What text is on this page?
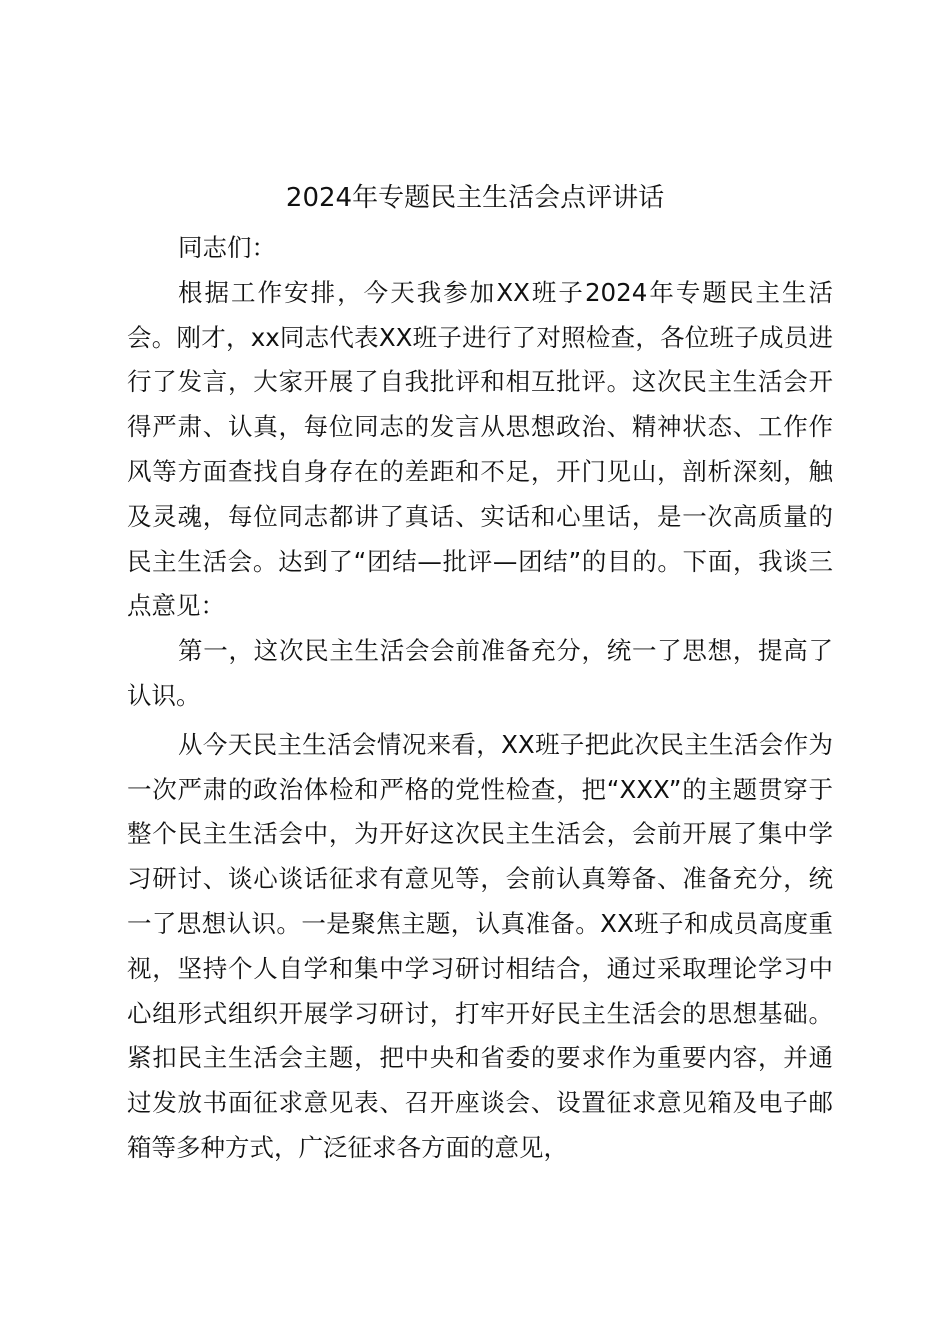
2024年专题民主生活会点评讲话

同志们：

根据工作安排，今天我参加XX班子2024年专题民主生活会。刚才，xx同志代表XX班子进行了对照检查，各位班子成员进行了发言，大家开展了自我批评和相互批评。这次民主生活会开得严肃、认真，每位同志的发言从思想政治、精神状态、工作作风等方面查找自身存在的差距和不足，开门见山，剖析深刻，触及灵魂，每位同志都讲了真话、实话和心里话，是一次高质量的民主生活会。达到了“团结—批评—团结”的目的。下面，我谈三点意见：

第一，这次民主生活会会前准备充分，统一了思想，提高了认识。

从今天民主生活会情况来看，XX班子把此次民主生活会作为一次严肃的政治体检和严格的党性检查，把“XXX”的主题贯穿于整个民主生活会中，为开好这次民主生活会，会前开展了集中学习研讨、谈心谈话征求有意见等，会前认真筹备、准备充分，统一了思想认识。一是聚焦主题，认真准备。XX班子和成员高度重视，坚持个人自学和集中学习研讨相结合，通过采取理论学习中心组形式组织开展学习研讨，打牢开好民主生活会的思想基础。紧扣民主生活会主题，把中央和省委的要求作为重要内容，并通过发放书面征求意见表、召开座谈会、设置征求意见箱及电子邮箱等多种方式，广泛征求各方面的意见，
